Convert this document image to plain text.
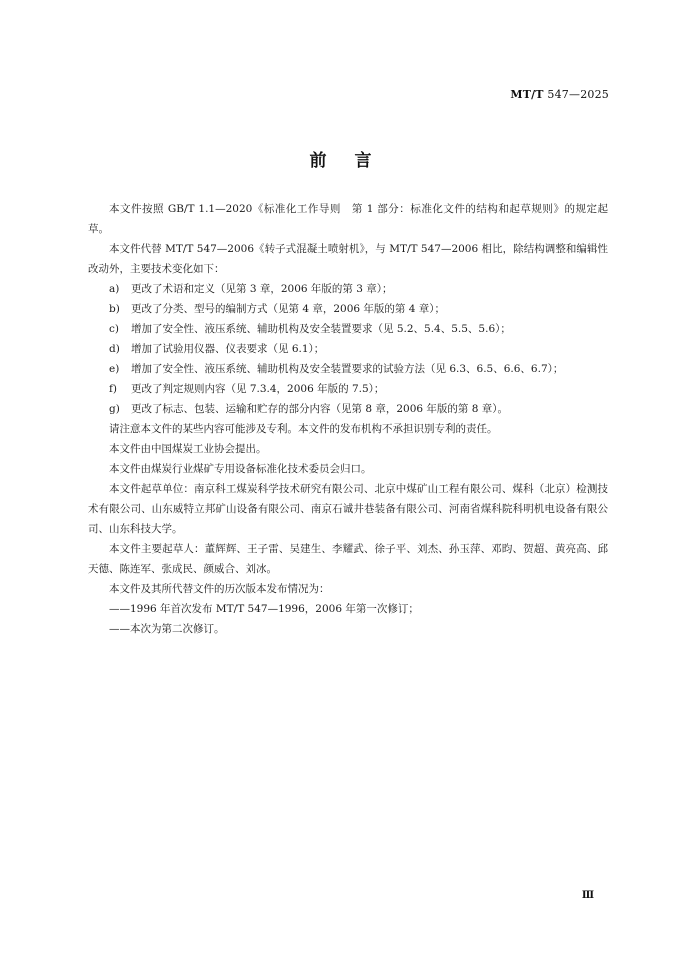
MT/T 547—2025
前言

本文件按照 GB/T 1.1—2020《标准化工作导则　第 1 部分：标准化文件的结构和起草规则》的规定起草。

本文件代替 MT/T 547—2006《转子式混凝土喷射机》，与 MT/T 547—2006 相比，除结构调整和编辑性改动外，主要技术变化如下：

a)	更改了术语和定义（见第 3 章，2006 年版的第 3 章）；
b)	更改了分类、型号的编制方式（见第 4 章，2006 年版的第 4 章）；
c)	增加了安全性、液压系统、辅助机构及安全装置要求（见 5.2、5.4、5.5、5.6）；
d)	增加了试验用仪器、仪表要求（见 6.1）；
e)	增加了安全性、液压系统、辅助机构及安全装置要求的试验方法（见 6.3、6.5、6.6、6.7）；
f)	更改了判定规则内容（见 7.3.4，2006 年版的 7.5）；
g)	更改了标志、包装、运输和贮存的部分内容（见第 8 章，2006 年版的第 8 章）。

请注意本文件的某些内容可能涉及专利。本文件的发布机构不承担识别专利的责任。

本文件由中国煤炭工业协会提出。

本文件由煤炭行业煤矿专用设备标准化技术委员会归口。

本文件起草单位：南京科工煤炭科学技术研究有限公司、北京中煤矿山工程有限公司、煤科（北京）检测技术有限公司、山东威特立邦矿山设备有限公司、南京石诚井巷装备有限公司、河南省煤科院科明机电设备有限公司、山东科技大学。

本文件主要起草人：董辉辉、王子雷、吴建生、李耀武、徐子平、刘杰、孙玉萍、邓昀、贺超、黄亮高、邱天德、陈连军、张成民、颜威合、刘冰。

本文件及其所代替文件的历次版本发布情况为：

——1996 年首次发布 MT/T 547—1996，2006 年第一次修订；

——本次为第二次修订。

Ⅲ
